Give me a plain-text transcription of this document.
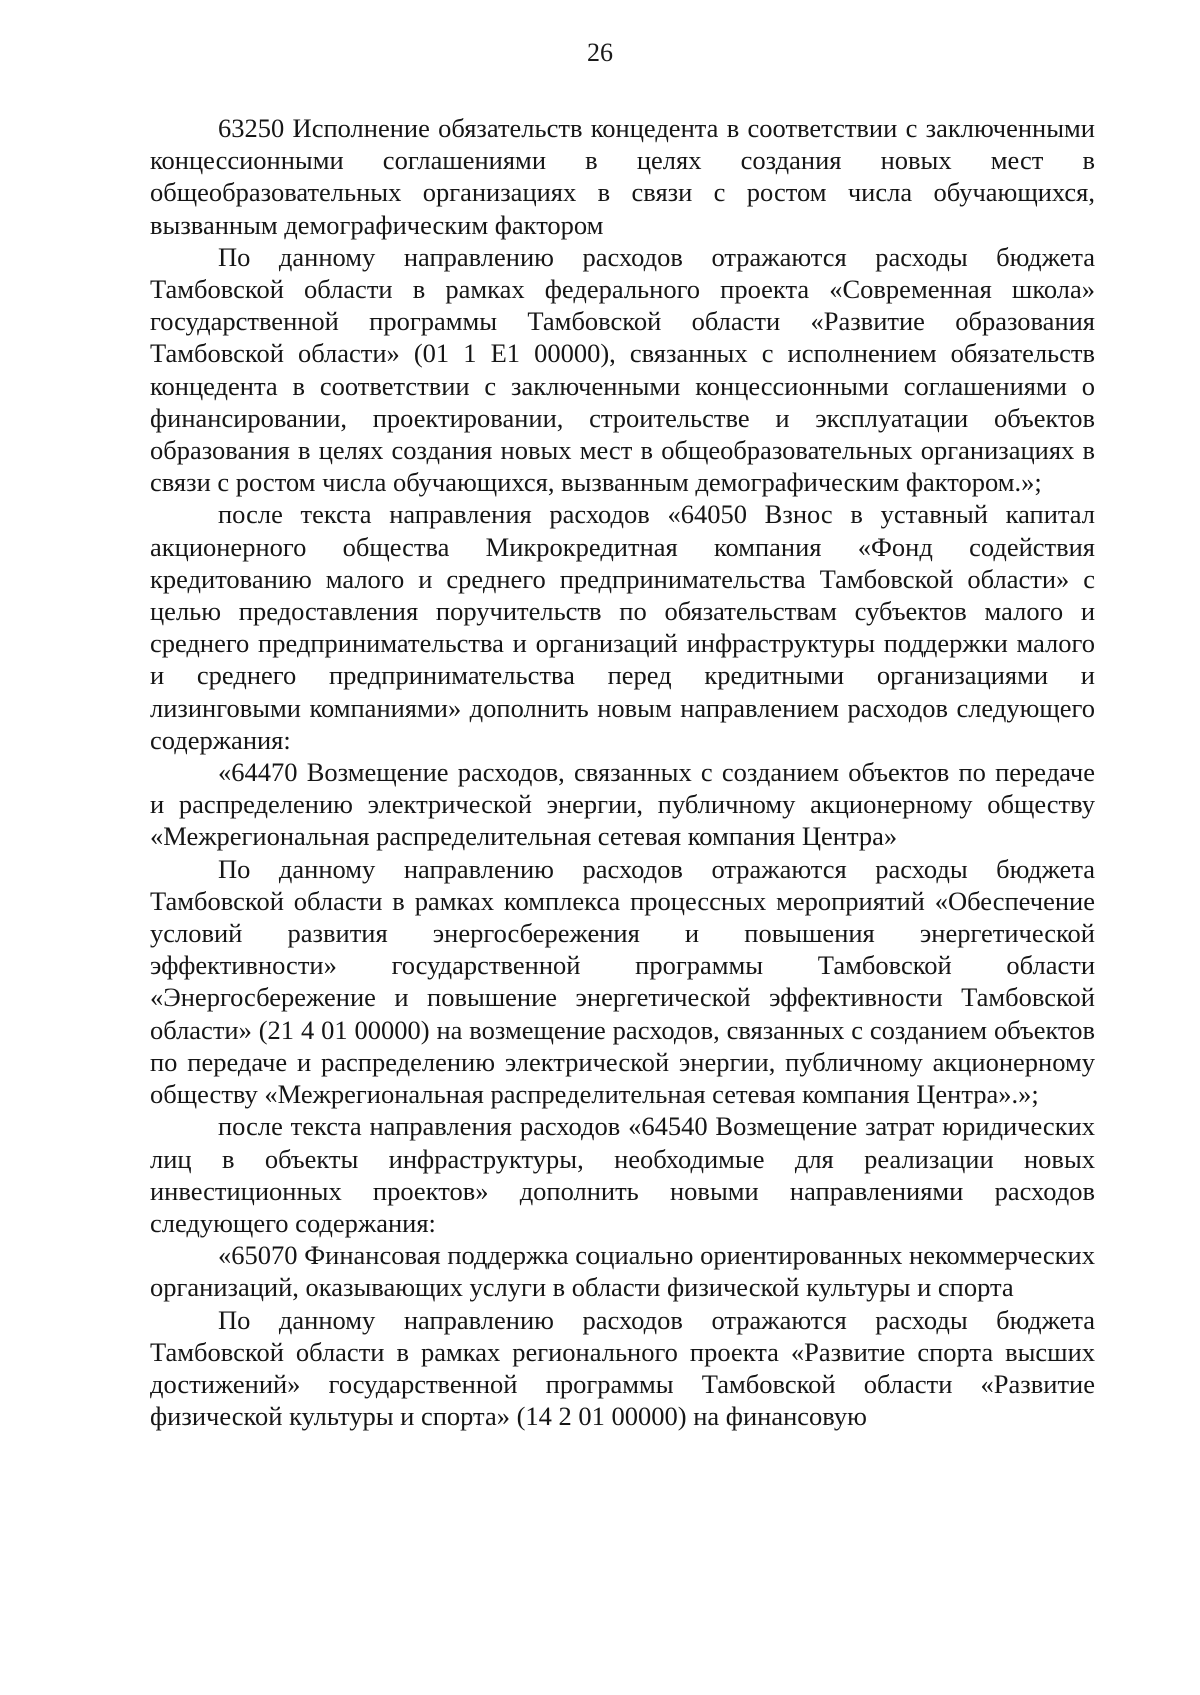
26

63250 Исполнение обязательств концедента в соответствии с заключенными концессионными соглашениями в целях создания новых мест в общеобразовательных организациях в связи с ростом числа обучающихся, вызванным демографическим фактором

По данному направлению расходов отражаются расходы бюджета Тамбовской области в рамках федерального проекта «Современная школа» государственной программы Тамбовской области «Развитие образования Тамбовской области» (01 1 Е1 00000), связанных с исполнением обязательств концедента в соответствии с заключенными концессионными соглашениями о финансировании, проектировании, строительстве и эксплуатации объектов образования в целях создания новых мест в общеобразовательных организациях в связи с ростом числа обучающихся, вызванным демографическим фактором.»;

после текста направления расходов «64050 Взнос в уставный капитал акционерного общества Микрокредитная компания «Фонд содействия кредитованию малого и среднего предпринимательства Тамбовской области» с целью предоставления поручительств по обязательствам субъектов малого и среднего предпринимательства и организаций инфраструктуры поддержки малого и среднего предпринимательства перед кредитными организациями и лизинговыми компаниями» дополнить новым направлением расходов следующего содержания:

«64470 Возмещение расходов, связанных с созданием объектов по передаче и распределению электрической энергии, публичному акционерному обществу «Межрегиональная распределительная сетевая компания Центра»

По данному направлению расходов отражаются расходы бюджета Тамбовской области в рамках комплекса процессных мероприятий «Обеспечение условий развития энергосбережения и повышения энергетической эффективности» государственной программы Тамбовской области «Энергосбережение и повышение энергетической эффективности Тамбовской области» (21 4 01 00000) на возмещение расходов, связанных с созданием объектов по передаче и распределению электрической энергии, публичному акционерному обществу «Межрегиональная распределительная сетевая компания Центра».»;

после текста направления расходов «64540 Возмещение затрат юридических лиц в объекты инфраструктуры, необходимые для реализации новых инвестиционных проектов» дополнить новыми направлениями расходов следующего содержания:

«65070 Финансовая поддержка социально ориентированных некоммерческих организаций, оказывающих услуги в области физической культуры и спорта

По данному направлению расходов отражаются расходы бюджета Тамбовской области в рамках регионального проекта «Развитие спорта высших достижений» государственной программы Тамбовской области «Развитие физической культуры и спорта» (14 2 01 00000) на финансовую
